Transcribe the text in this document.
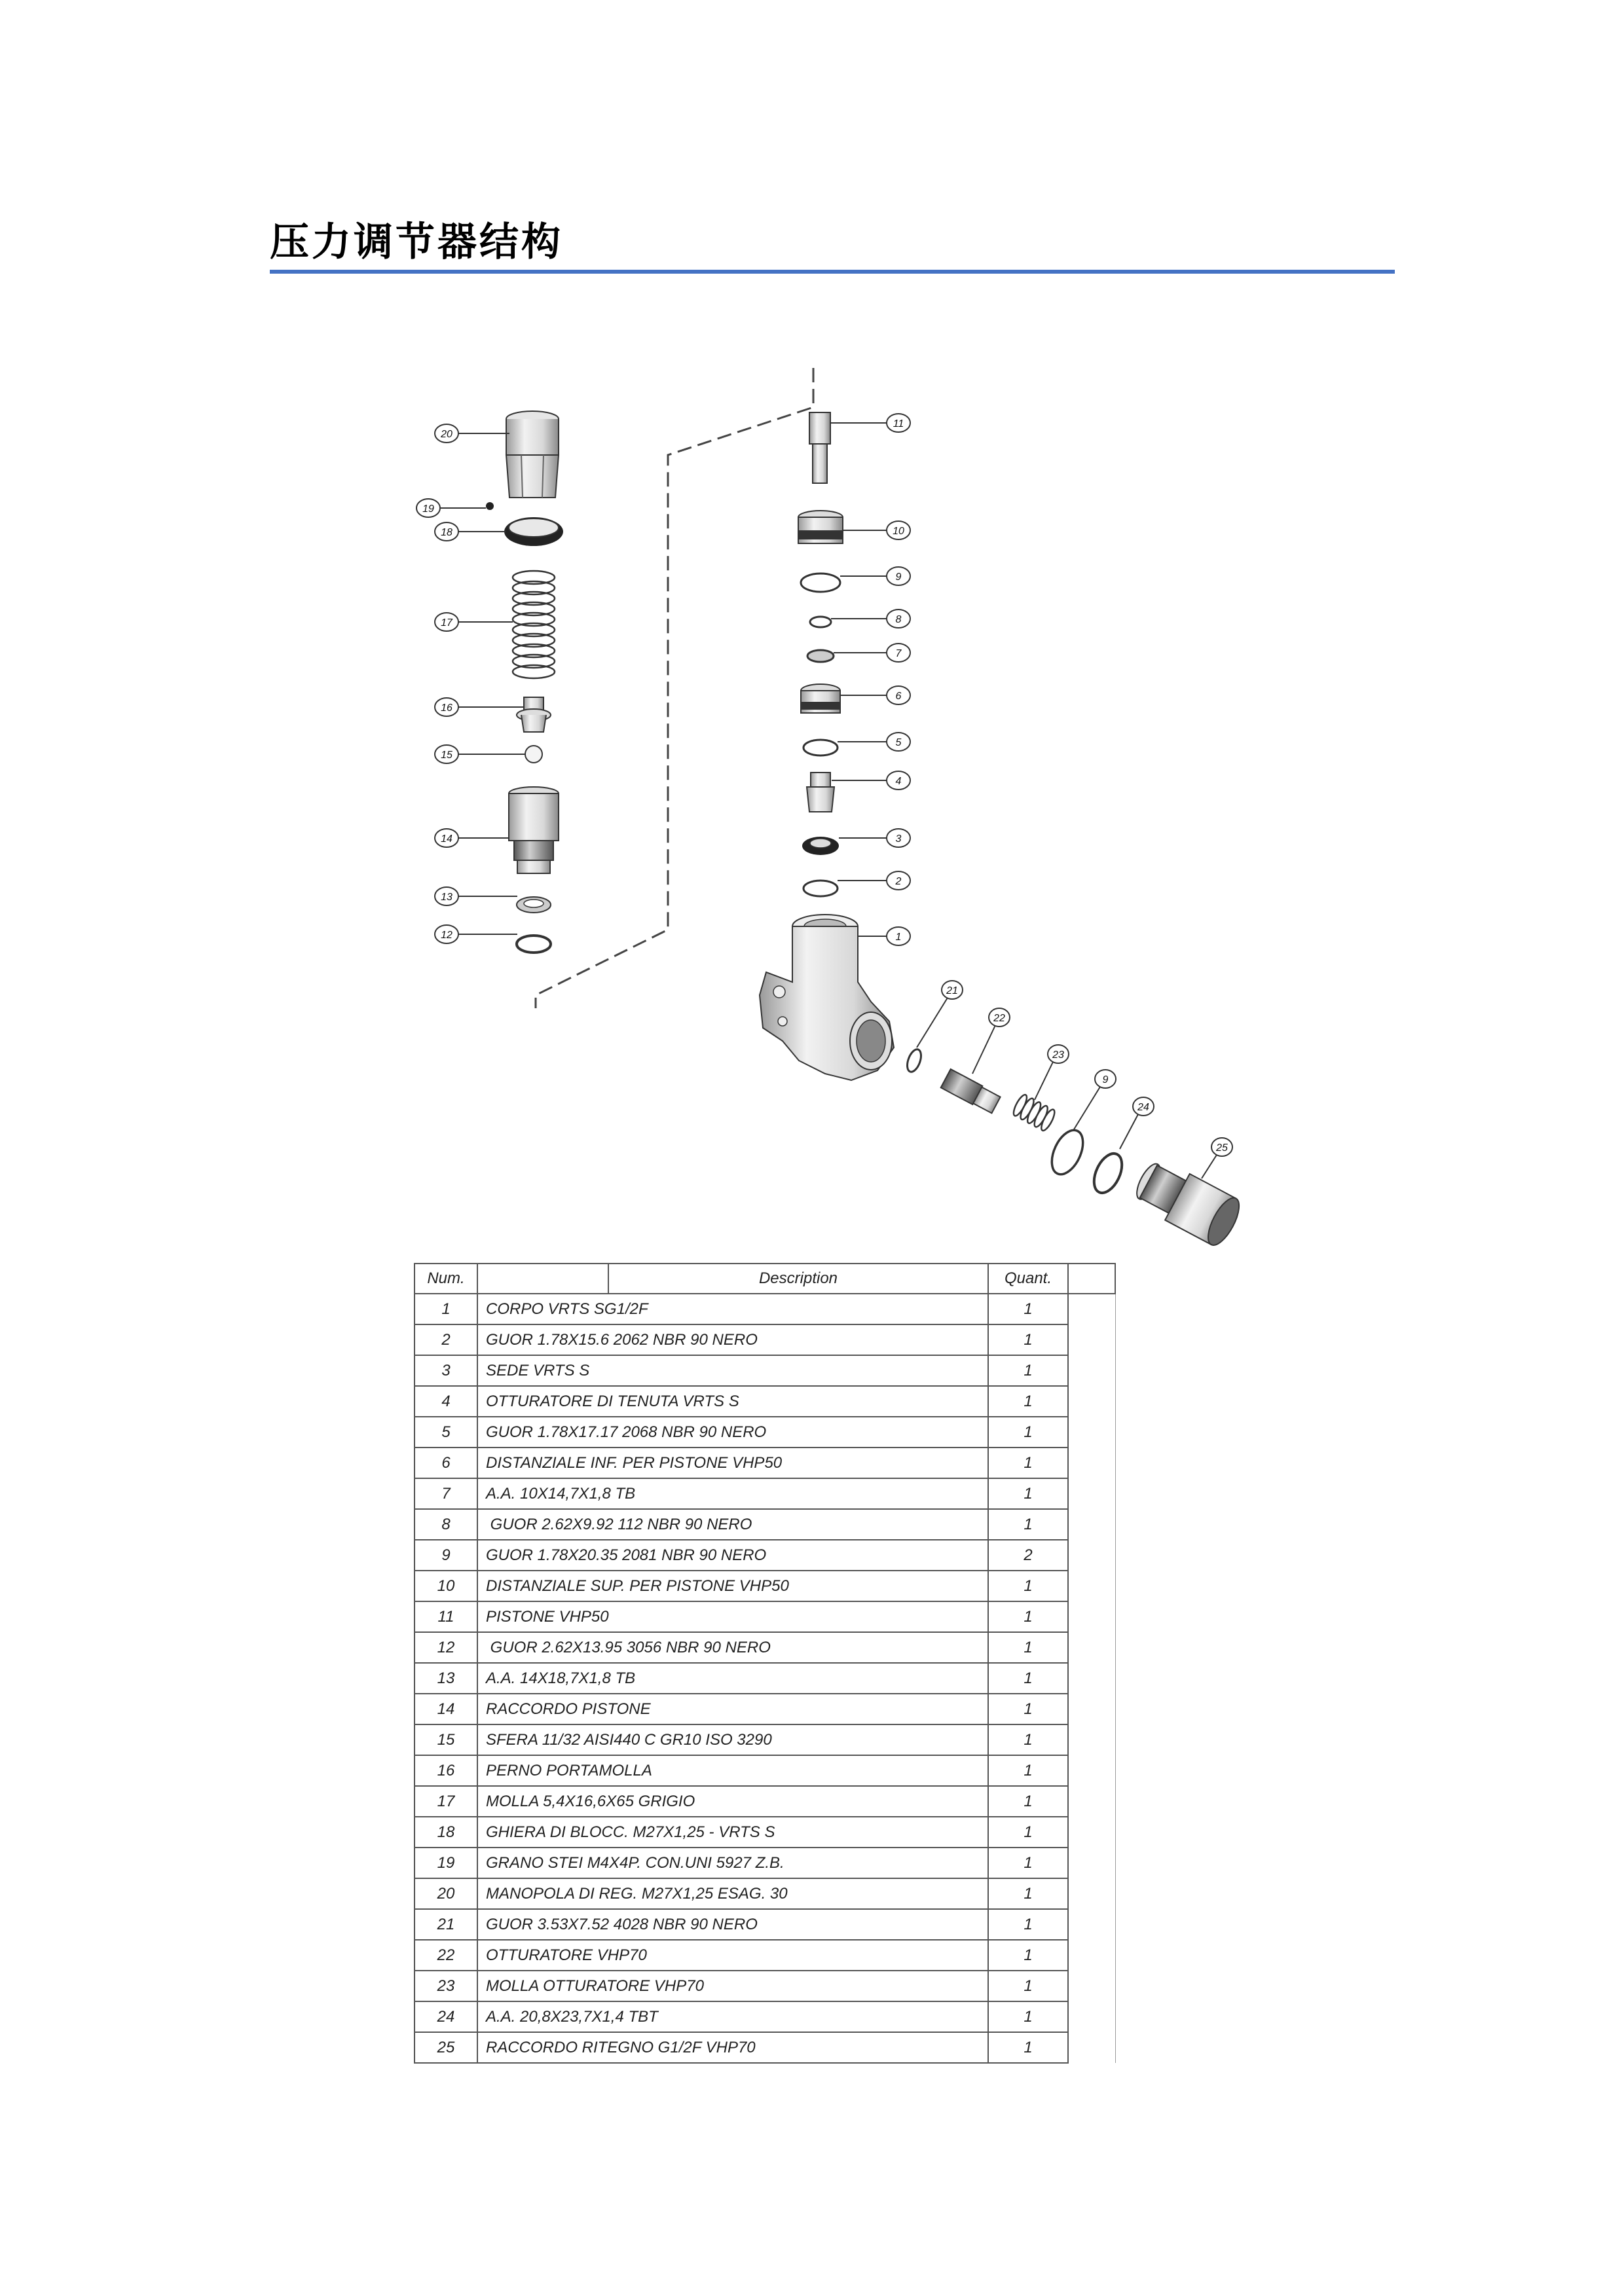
压力调节器结构
20
19
18
17
16
15
14
13
12
11
10
9
8
7
6
5
4
3
2
1
21
22
23
9
24
25
Num.		Description	Quant.	
1	CORPO VRTS SG1/2F		1	
2	GUOR 1.78X15.6 2062 NBR 90 NERO		1	
3	SEDE VRTS S		1	
4	OTTURATORE DI TENUTA VRTS S		1	
5	GUOR 1.78X17.17 2068 NBR 90 NERO		1	
6	DISTANZIALE INF. PER PISTONE VHP50		1	
7	A.A. 10X14,7X1,8 TB		1	
8	GUOR 2.62X9.92 112 NBR 90 NERO		1	
9	GUOR 1.78X20.35 2081 NBR 90 NERO		2	
10	DISTANZIALE SUP. PER PISTONE VHP50		1	
11	PISTONE VHP50		1	
12	GUOR 2.62X13.95 3056 NBR 90 NERO		1	
13	A.A. 14X18,7X1,8 TB		1	
14	RACCORDO PISTONE		1	
15	SFERA 11/32 AISI440 C GR10 ISO 3290		1	
16	PERNO PORTAMOLLA		1	
17	MOLLA 5,4X16,6X65 GRIGIO		1	
18	GHIERA DI BLOCC. M27X1,25 - VRTS S		1	
19	GRANO STEI M4X4P. CON.UNI 5927 Z.B.		1	
20	MANOPOLA DI REG. M27X1,25 ESAG. 30		1	
21	GUOR 3.53X7.52 4028 NBR 90 NERO		1	
22	OTTURATORE VHP70		1	
23	MOLLA OTTURATORE VHP70		1	
24	A.A. 20,8X23,7X1,4 TBT		1	
25	RACCORDO RITEGNO G1/2F VHP70		1	
